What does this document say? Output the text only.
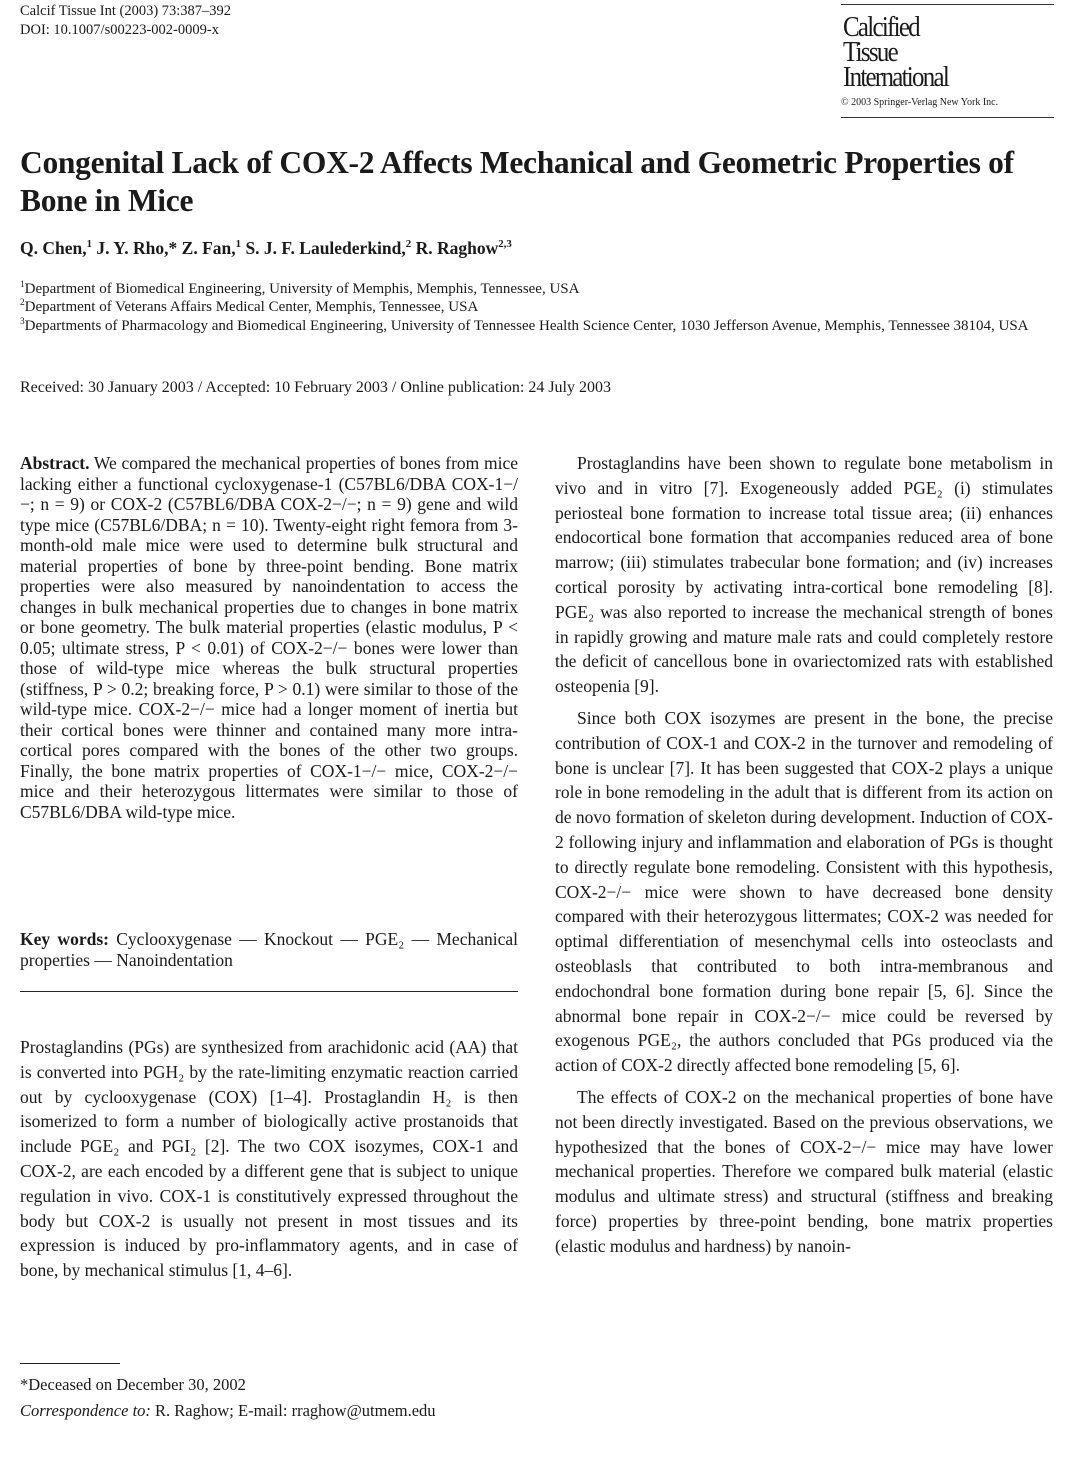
Calcif Tissue Int (2003) 73:387–392
DOI: 10.1007/s00223-002-0009-x	Calcified
Tissue
International
© 2003 Springer-Verlag New York Inc.
Congenital Lack of COX-2 Affects Mechanical and Geometric Properties of Bone in Mice
Q. Chen,$^1$ J. Y. Rho,* Z. Fan,$^1$ S. J. F. Laulederkind,$^2$ R. Raghow$^{2,3}$
$^1$Department of Biomedical Engineering, University of Memphis, Memphis, Tennessee, USA
$^2$Department of Veterans Affairs Medical Center, Memphis, Tennessee, USA
$^3$Departments of Pharmacology and Biomedical Engineering, University of Tennessee Health Science Center, 1030 Jefferson Avenue, Memphis, Tennessee 38104, USA
Received: 30 January 2003 / Accepted: 10 February 2003 / Online publication: 24 July 2003
Abstract. We compared the mechanical properties of bones from mice lacking either a functional cycloxygenase-1 (C57BL6/DBA COX-1−/−; n = 9) or COX-2 (C57BL6/DBA COX-2−/−; n = 9) gene and wild type mice (C57BL6/DBA; n = 10). Twenty-eight right femora from 3-month-old male mice were used to determine bulk structural and material properties of bone by three-point bending. Bone matrix properties were also measured by nanoindentation to access the changes in bulk mechanical properties due to changes in bone matrix or bone geometry. The bulk material properties (elastic modulus, P < 0.05; ultimate stress, P < 0.01) of COX-2−/− bones were lower than those of wild-type mice whereas the bulk structural properties (stiffness, P > 0.2; breaking force, P > 0.1) were similar to those of the wild-type mice. COX-2−/− mice had a longer moment of inertia but their cortical bones were thinner and contained many more intra-cortical pores compared with the bones of the other two groups. Finally, the bone matrix properties of COX-1−/− mice, COX-2−/− mice and their heterozygous littermates were similar to those of C57BL6/DBA wild-type mice.
Key words: Cyclooxygenase — Knockout — PGE₂ — Mechanical properties — Nanoindentation
Prostaglandins (PGs) are synthesized from arachidonic acid (AA) that is converted into PGH₂ by the rate-limiting enzymatic reaction carried out by cyclooxygenase (COX) [1–4]. Prostaglandin H₂ is then isomerized to form a number of biologically active prostanoids that include PGE₂ and PGI₂ [2]. The two COX isozymes, COX-1 and COX-2, are each encoded by a different gene that is subject to unique regulation in vivo. COX-1 is constitutively expressed throughout the body but COX-2 is usually not present in most tissues and its expression is induced by pro-inflammatory agents, and in case of bone, by mechanical stimulus [1, 4–6].
*Deceased on December 30, 2002
Correspondence to: R. Raghow; E-mail: rraghow@utmem.edu

Prostaglandins have been shown to regulate bone metabolism in vivo and in vitro [7]. Exogeneously added PGE₂ (i) stimulates periosteal bone formation to increase total tissue area; (ii) enhances endocortical bone formation that accompanies reduced area of bone marrow; (iii) stimulates trabecular bone formation; and (iv) increases cortical porosity by activating intra-cortical bone remodeling [8]. PGE₂ was also reported to increase the mechanical strength of bones in rapidly growing and mature male rats and could completely restore the deficit of cancellous bone in ovariectomized rats with established osteopenia [9].

Since both COX isozymes are present in the bone, the precise contribution of COX-1 and COX-2 in the turnover and remodeling of bone is unclear [7]. It has been suggested that COX-2 plays a unique role in bone remodeling in the adult that is different from its action on de novo formation of skeleton during development. Induction of COX-2 following injury and inflammation and elaboration of PGs is thought to directly regulate bone remodeling. Consistent with this hypothesis, COX-2−/− mice were shown to have decreased bone density compared with their heterozygous littermates; COX-2 was needed for optimal differentiation of mesenchymal cells into osteoclasts and osteoblasls that contributed to both intra-membranous and endochondral bone formation during bone repair [5, 6]. Since the abnormal bone repair in COX-2−/− mice could be reversed by exogenous PGE₂, the authors concluded that PGs produced via the action of COX-2 directly affected bone remodeling [5, 6].

The effects of COX-2 on the mechanical properties of bone have not been directly investigated. Based on the previous observations, we hypothesized that the bones of COX-2−/− mice may have lower mechanical properties. Therefore we compared bulk material (elastic modulus and ultimate stress) and structural (stiffness and breaking force) properties by three-point bending, bone matrix properties (elastic modulus and hardness) by nanoin-
